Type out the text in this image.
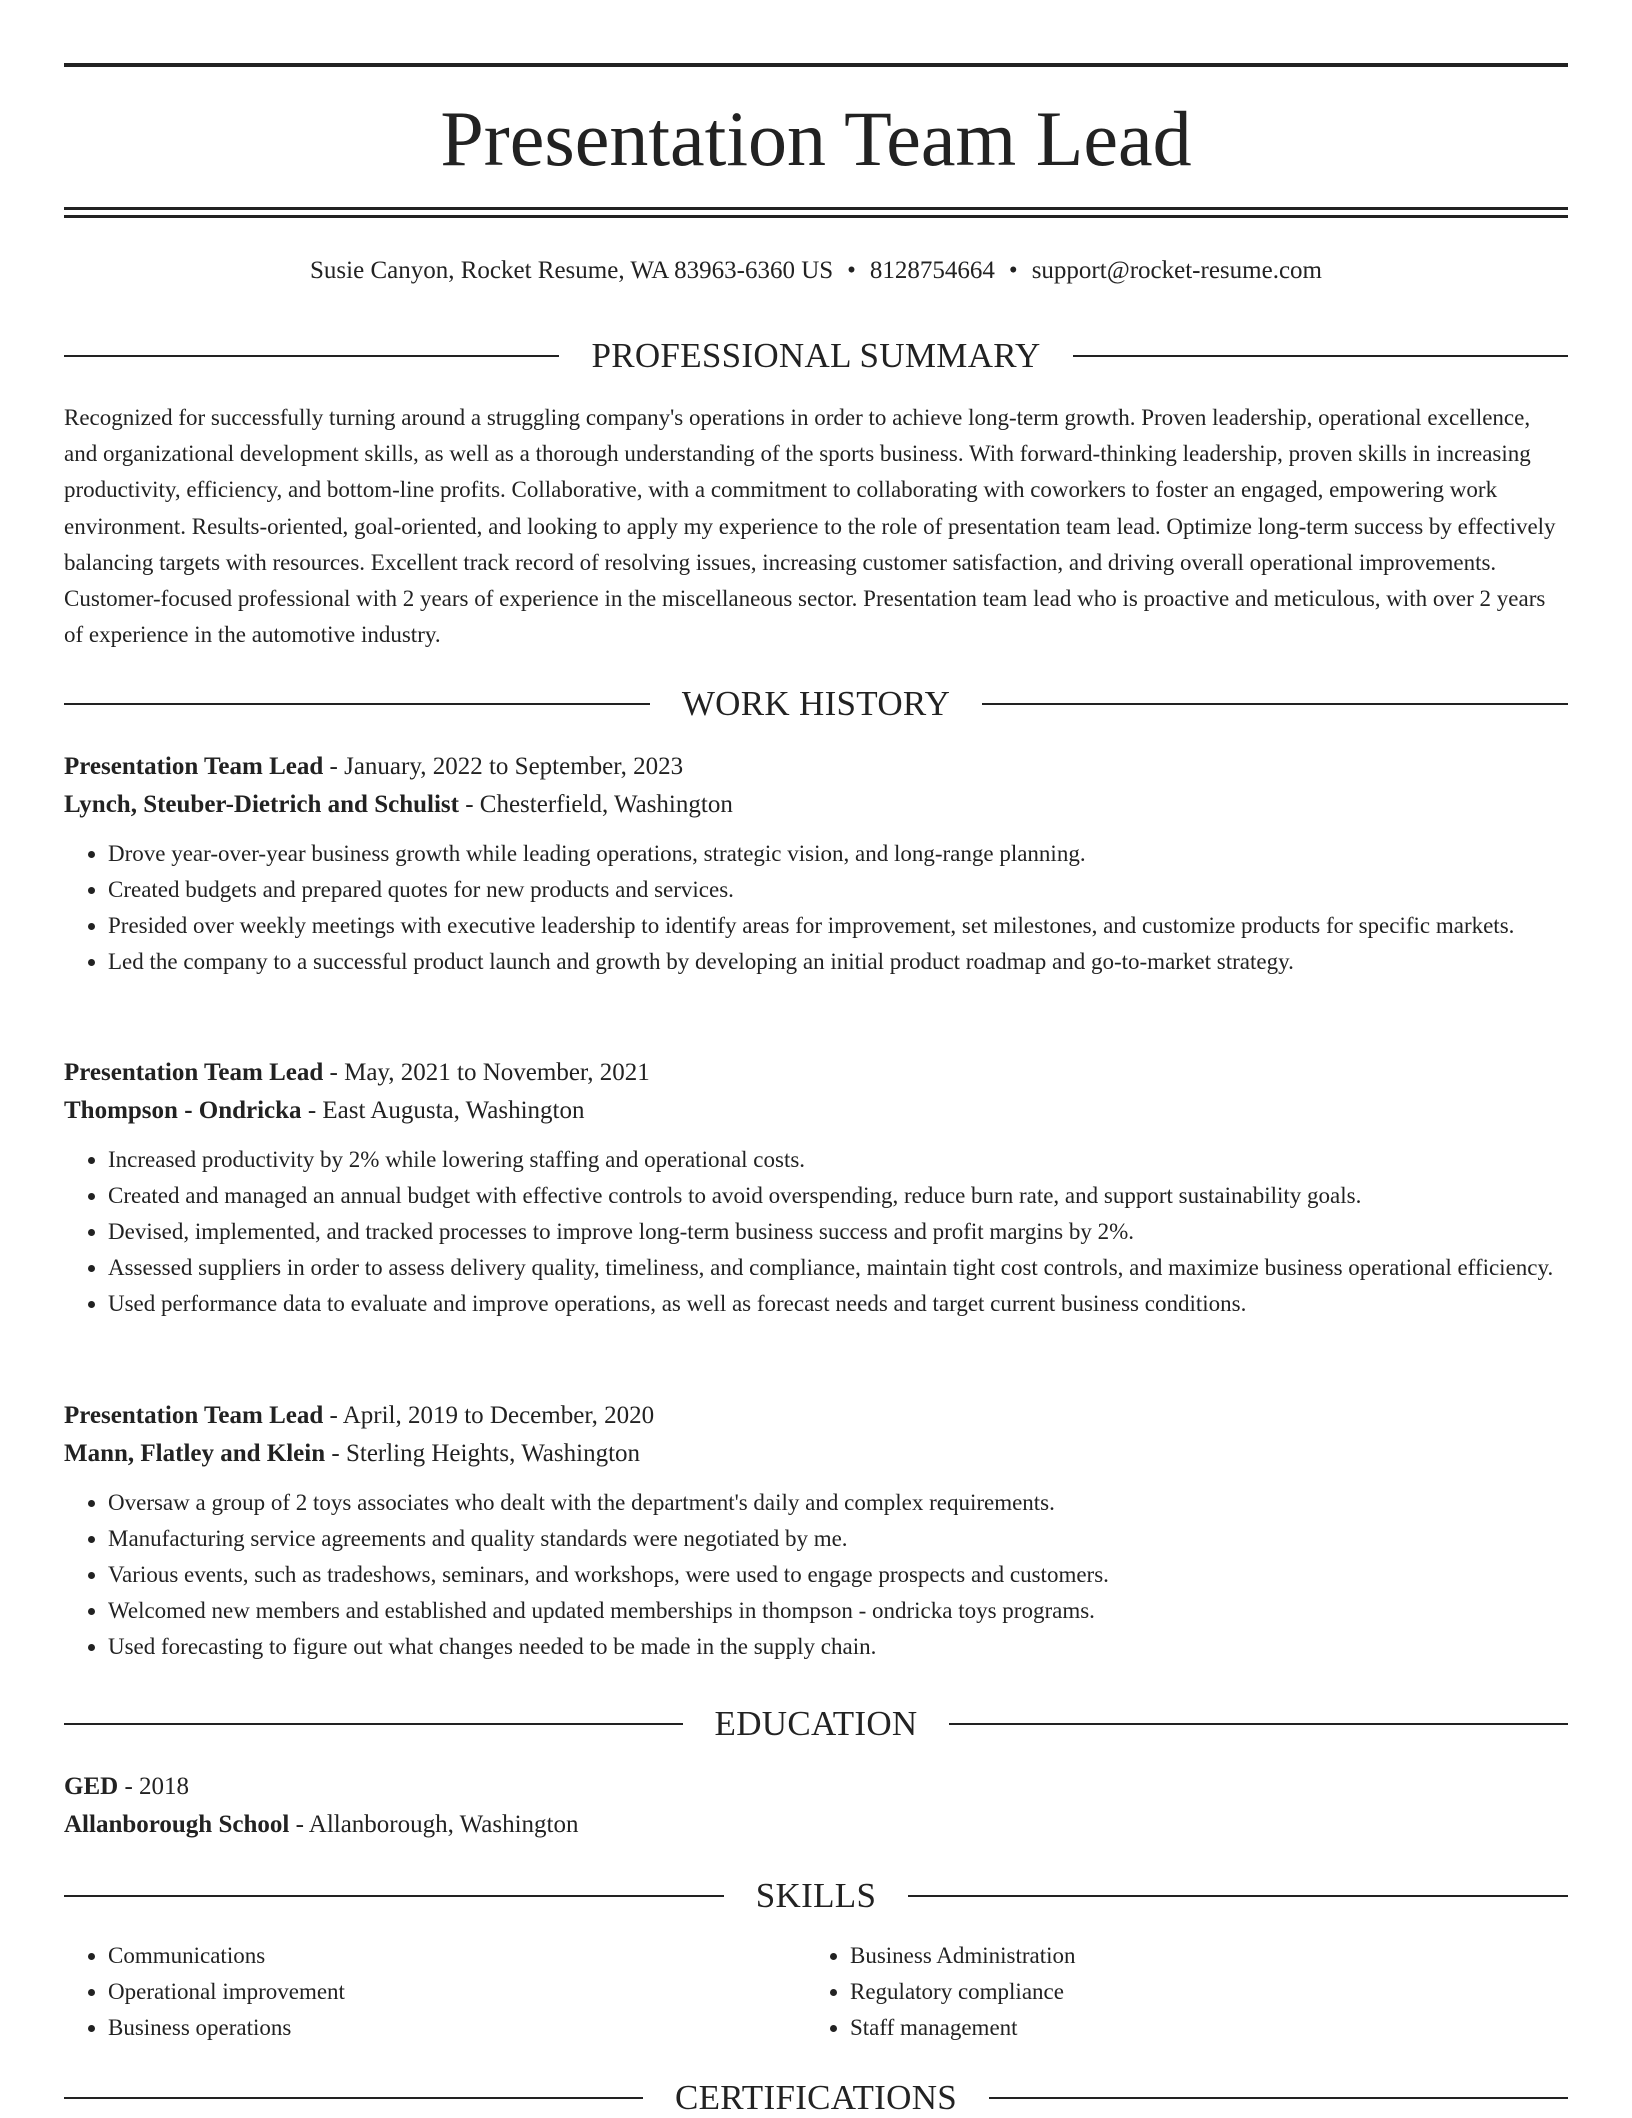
Presentation Team Lead
Susie Canyon, Rocket Resume, WA 83963-6360 US • 8128754664 • support@rocket-resume.com
PROFESSIONAL SUMMARY

Recognized for successfully turning around a struggling company's operations in order to achieve long-term growth. Proven leadership, operational excellence, and organizational development skills, as well as a thorough understanding of the sports business. With forward-thinking leadership, proven skills in increasing productivity, efficiency, and bottom-line profits. Collaborative, with a commitment to collaborating with coworkers to foster an engaged, empowering work environment. Results-oriented, goal-oriented, and looking to apply my experience to the role of presentation team lead. Optimize long-term success by effectively balancing targets with resources. Excellent track record of resolving issues, increasing customer satisfaction, and driving overall operational improvements. Customer-focused professional with 2 years of experience in the miscellaneous sector. Presentation team lead who is proactive and meticulous, with over 2 years of experience in the automotive industry.

WORK HISTORY
Presentation Team Lead - January, 2022 to September, 2023
Lynch, Steuber-Dietrich and Schulist - Chesterfield, Washington
• Drove year-over-year business growth while leading operations, strategic vision, and long-range planning.
• Created budgets and prepared quotes for new products and services.
• Presided over weekly meetings with executive leadership to identify areas for improvement, set milestones, and customize products for specific markets.
• Led the company to a successful product launch and growth by developing an initial product roadmap and go-to-market strategy.
Presentation Team Lead - May, 2021 to November, 2021
Thompson - Ondricka - East Augusta, Washington
• Increased productivity by 2% while lowering staffing and operational costs.
• Created and managed an annual budget with effective controls to avoid overspending, reduce burn rate, and support sustainability goals.
• Devised, implemented, and tracked processes to improve long-term business success and profit margins by 2%.
• Assessed suppliers in order to assess delivery quality, timeliness, and compliance, maintain tight cost controls, and maximize business operational efficiency.
• Used performance data to evaluate and improve operations, as well as forecast needs and target current business conditions.
Presentation Team Lead - April, 2019 to December, 2020
Mann, Flatley and Klein - Sterling Heights, Washington
• Oversaw a group of 2 toys associates who dealt with the department's daily and complex requirements.
• Manufacturing service agreements and quality standards were negotiated by me.
• Various events, such as tradeshows, seminars, and workshops, were used to engage prospects and customers.
• Welcomed new members and established and updated memberships in thompson - ondricka toys programs.
• Used forecasting to figure out what changes needed to be made in the supply chain.
EDUCATION
GED - 2018
Allanborough School - Allanborough, Washington
SKILLS
• Communications
• Operational improvement
• Business operations
• Business Administration
• Regulatory compliance
• Staff management
CERTIFICATIONS
